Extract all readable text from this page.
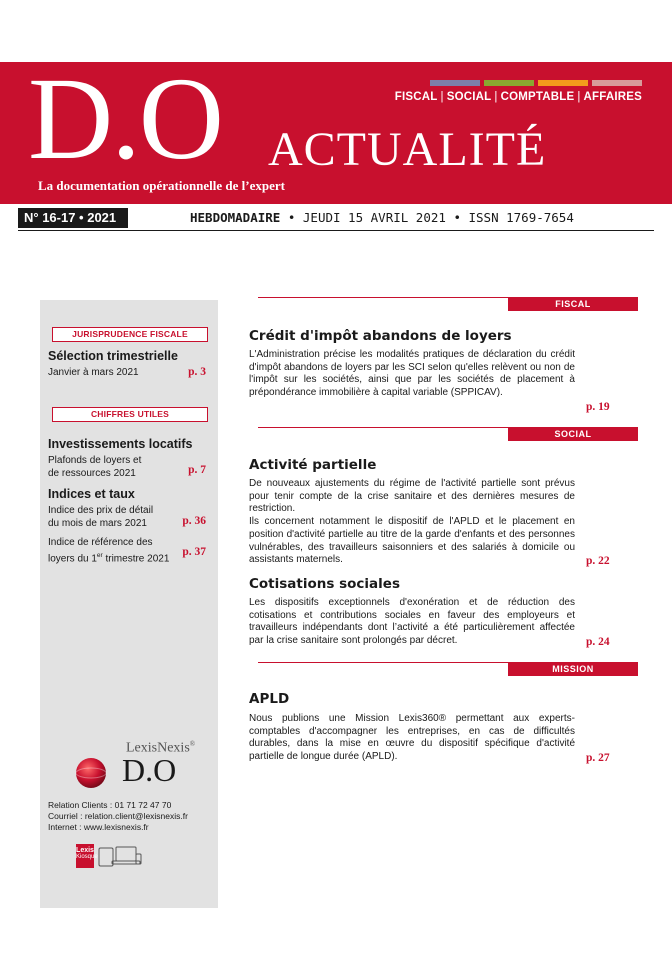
FISCAL | SOCIAL | COMPTABLE | AFFAIRES
D.O ACTUALITÉ
La documentation opérationnelle de l’expert
N° 16-17 • 2021	HEBDOMADAIRE • JEUDI 15 AVRIL 2021 • ISSN 1769-7654
JURISPRUDENCE FISCALE
Sélection trimestrielle
Janvier à mars 2021	p. 3
CHIFFRES UTILES
Investissements locatifs
Plafonds de loyers et
de ressources 2021	p. 7
Indices et taux
Indice des prix de détail
du mois de mars 2021	p. 36
Indice de référence des
loyers du 1er trimestre 2021
p. 37
LexisNexis®
D.O
Relation Clients : 01 71 72 47 70
Courriel : relation.client@lexisnexis.fr
Internet : www.lexisnexis.fr
Lexis
Kiosque
FISCAL
Crédit d'impôt abandons de loyers
L'Administration précise les modalités pratiques de déclaration du crédit d'impôt abandons de loyers par les SCI selon qu'elles relèvent ou non de l'impôt sur les sociétés, ainsi que par les sociétés de placement à prépondérance immobilière à capital variable (SPPICAV).
p. 19
SOCIAL
Activité partielle
De nouveaux ajustements du régime de l'activité partielle sont prévus pour tenir compte de la crise sanitaire et des dernières mesures de restriction.
Ils concernent notamment le dispositif de l'APLD et le placement en position d'activité partielle au titre de la garde d'enfants et des personnes vulnérables, des travailleurs saisonniers et des salariés à domicile ou assistants maternels.	p. 22
Cotisations sociales
Les dispositifs exceptionnels d'exonération et de réduction des cotisations et contributions sociales en faveur des employeurs et travailleurs indépendants dont l’activité a été particulièrement affectée par la crise sanitaire sont prolongés par décret.	p. 24
MISSION
APLD
Nous publions une Mission Lexis360® permettant aux experts-comptables d'accompagner les entreprises, en cas de difficultés durables, dans la mise en œuvre du dispositif spécifique d'activité partielle de longue durée (APLD).	p. 27
